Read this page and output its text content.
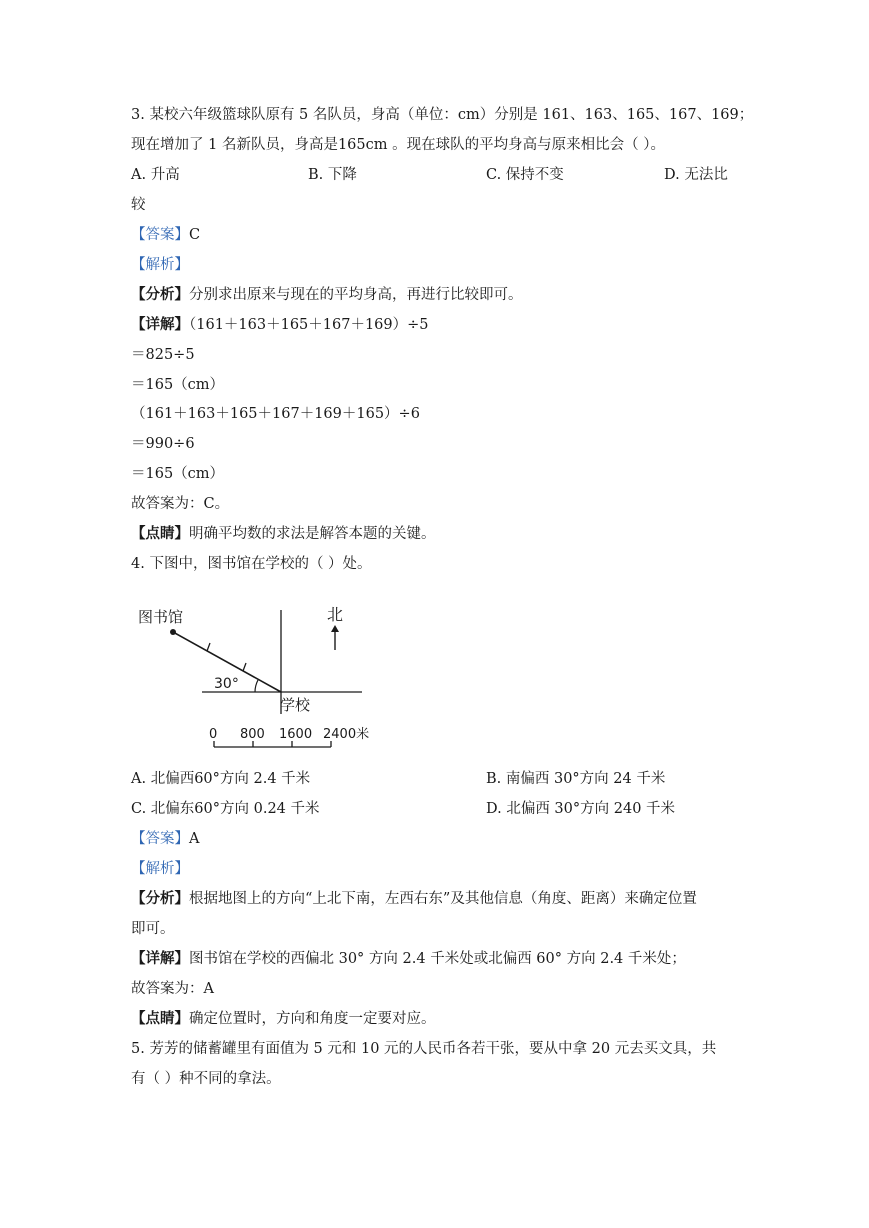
3. 某校六年级篮球队原有 5 名队员，身高（单位：cm）分别是 161、163、165、167、169；
现在增加了 1 名新队员，身高是165cm 。现在球队的平均身高与原来相比会（ ）。
A. 升高	B. 下降	C. 保持不变	D. 无法比
较
【答案】C
【解析】
【分析】分别求出原来与现在的平均身高，再进行比较即可。
【详解】（161＋163＋165＋167＋169）÷5
＝825÷5
＝165（cm）
（161＋163＋165＋167＋169＋165）÷6
＝990÷6
＝165（cm）
故答案为：C。
【点睛】明确平均数的求法是解答本题的关键。
4. 下图中，图书馆在学校的（ ）处。
图书馆
30°
北
学校
0 800 1600 2400米
A. 北偏西60°方向 2.4 千米	B. 南偏西 30°方向 24 千米
C. 北偏东60°方向 0.24 千米	D. 北偏西 30°方向 240 千米
【答案】A
【解析】
【分析】根据地图上的方向“上北下南，左西右东”及其他信息（角度、距离）来确定位置
即可。
【详解】图书馆在学校的西偏北 30° 方向 2.4 千米处或北偏西 60° 方向 2.4 千米处；
故答案为：A
【点睛】确定位置时，方向和角度一定要对应。
5. 芳芳的储蓄罐里有面值为 5 元和 10 元的人民币各若干张，要从中拿 20 元去买文具，共
有（ ）种不同的拿法。
